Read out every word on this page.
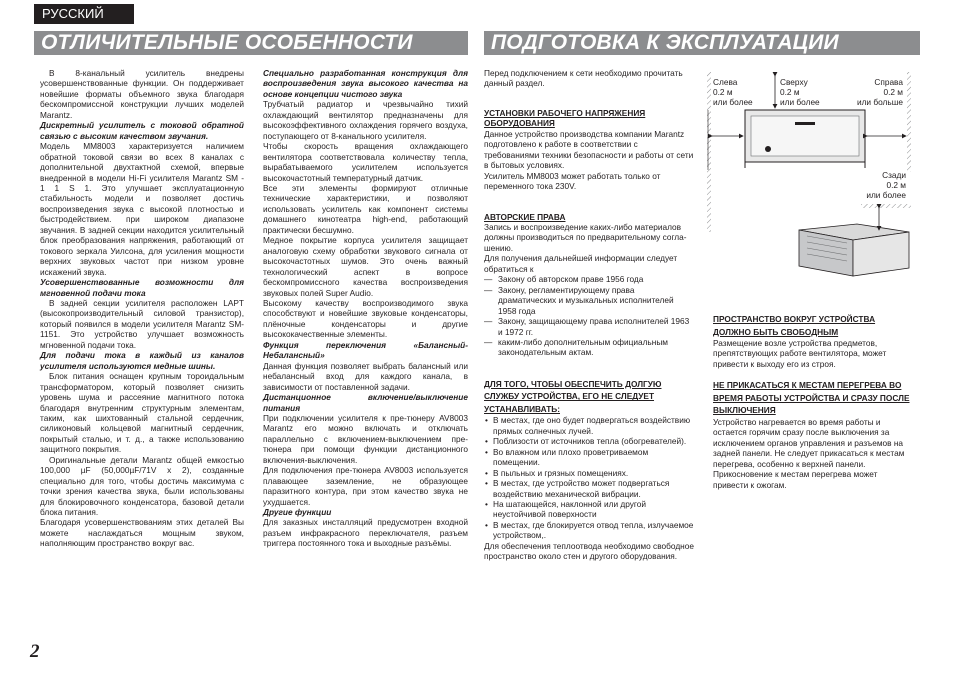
РУССКИЙ
ОТЛИЧИТЕЛЬНЫЕ ОСОБЕННОСТИ	ПОДГОТОВКА К ЭКСПЛУАТАЦИИ

В 8-канальный усилитель внедрены усовершенствованные функции. Он поддерживает новейшие форматы объемного звука благодаря бескомпромиссной конструкции лучших моделей Marantz.

Дискретный усилитель с токовой обратной связью с высоким качеством звучания.

Модель MM8003 характеризуется наличием обратной токовой связи во всех 8 каналах с дополнительной двухтактной схемой, впервые внедренной в модели Hi-Fi усилителя Marantz SM - 1 1 S 1. Это улучшает эксплуатационную стабильность модели и позволяет достичь воспроизведения звука с высокой плотностью и быстродействием. при широком диапазоне звучания. В задней секции находится усилительный блок преобразования напряжения, работающий от токового зеркала Уилсона, для усиления мощности верхних звуковых частот при низком уровне искажений звука.

Усовершенствованные возможности для мгновенной подачи тока

В задней секции усилителя расположен LAPT (высокопроизводительный силовой транзистор), который появился в модели усилителя Marantz SM-1151. Это устройство улучшает возможность мгновенной подачи тока.

Для подачи тока в каждый из каналов усилителя используются медные шины.

Блок питания оснащен крупным тороидальным трансформатором, который позволяет снизить уровень шума и рассеяние магнитного потока благодаря внутренним структурным элементам, таким, как шихтованный стальной сердечник, силиконовый кольцевой магнитный сердечник, покрытый сталью, и т. д., а также использованию защитного покрытия.

Оригинальные детали Marantz общей емкостью 100,000 µF (50,000µF/71V x 2), созданные специально для того, чтобы достичь максимума с точки зрения качества звука, были использованы для блокировочного конденсатора, базовой детали блока питания.

Благодаря усовершенствованиям этих деталей Вы можете наслаждаться мощным звуком, наполняющим пространство вокруг вас.

Специально разработанная конструкция для воспроизведения звука высокого качества на основе концепции чистого звука

Трубчатый радиатор и чрезвычайно тихий охлаждающий вентилятор предназначены для высокоэффективного охлаждения горячего воздуха, поступающего от 8-канального усилителя.

Чтобы скорость вращения охлаждающего вентилятора соответствовала количеству тепла, вырабатываемого усилителем используется высокочастотный температурный датчик.

Все эти элементы формируют отличные технические характеристики, и позволяют использовать усилитель как компонент системы домашнего кинотеатра high-end, работающий практически бесшумно.

Медное покрытие корпуса усилителя защищает аналоговую схему обработки звукового сигнала от высокочастотных шумов. Это очень важный технологический аспект в вопросе бескомпромиссного качества воспроизведения звуковых полей Super Audio.

Высокому качеству воспроизводимого звука способствуют и новейшие звуковые конденсаторы, плёночные конденсаторы и другие высококачественные элементы.

Функция переключения «Балансный-Небалансный»

Данная функция позволяет выбрать балансный или небалансный вход для каждого канала, в зависимости от поставленной задачи.

Дистанционное включение/выключение питания

При подключении усилителя к пре-тюнеру AV8003 Marantz его можно включать и отключать параллельно с включением-выключением пре-тюнера при помощи функции дистанционного включения-выключения.

Для подключения пре-тюнера AV8003 используется плавающее заземление, не образующее паразитного контура, при этом качество звука не ухудшается.

Другие функции

Для заказных инсталляций предусмотрен входной разъем инфракрасного переключателя, разъем триггера постоянного тока и выходные разъёмы.

Перед подключением к сети необходимо прочитать данный раздел.

УСТАНОВКИ РАБОЧЕГО НАПРЯЖЕНИЯ ОБОРУДОВАНИЯ

Данное устройство производства компании Marantz подготовлено к работе в соответствии с требованиями техники безопасности и работы от сети в бытовых условиях.

Усилитель MM8003 может работать только от переменного тока 230V.

АВТОРСКИЕ ПРАВА

Запись и воспроизведение каких-либо материалов должны производиться по предварительному согла-шению.

Для получения дальнейшей информации следует обратиться к

— Закону об авторском праве 1956 года
— Закону, регламентирующему права драматических и музыкальных исполнителей 1958 года
— Закону, защищающему права исполнителей 1963 и 1972 гг.
— каким-либо дополнительным официальным законодательным актам.

ДЛЯ ТОГО, ЧТОБЫ ОБЕСПЕЧИТЬ ДОЛГУЮ СЛУЖБУ УСТРОЙСТВА, ЕГО НЕ СЛЕДУЕТ УСТАНАВЛИВАТЬ:

• В местах, где оно будет подвергаться воздействию прямых солнечных лучей.
• Поблизости от источников тепла (обогревателей).
• Во влажном или плохо проветриваемом помещении.
• В пыльных и грязных помещениях.
• В местах, где устройство может подвергаться воздействию механической вибрации.
• На шатающейся, наклонной или другой неустойчивой поверхности
• В местах, где блокируется отвод тепла, излучаемое устройством,.

Для обеспечения теплоотвода необходимо свободное пространство около стен и другого оборудования.

Слева
0.2 м
или более
Сверху
0.2 м
или более
Справа
0.2 м
или больше
Сзади
0.2 м
или более

ПРОСТРАНСТВО ВОКРУГ УСТРОЙСТВА ДОЛЖНО БЫТЬ СВОБОДНЫМ

Размещение возле устройства предметов, препятствующих работе вентилятора, может привести к выходу его из строя.

НЕ ПРИКАСАТЬСЯ К МЕСТАМ ПЕРЕГРЕВА ВО ВРЕМЯ РАБОТЫ УСТРОЙСТВА И СРАЗУ ПОСЛЕ ВЫКЛЮЧЕНИЯ

Устройство нагревается во время работы и остается горячим сразу после выключения за исключением органов управления и разъемов на задней панели. Не следует прикасаться к местам перегрева, особенно к верхней панели. Прикосновение к местам перегрева может привести к ожогам.

2
